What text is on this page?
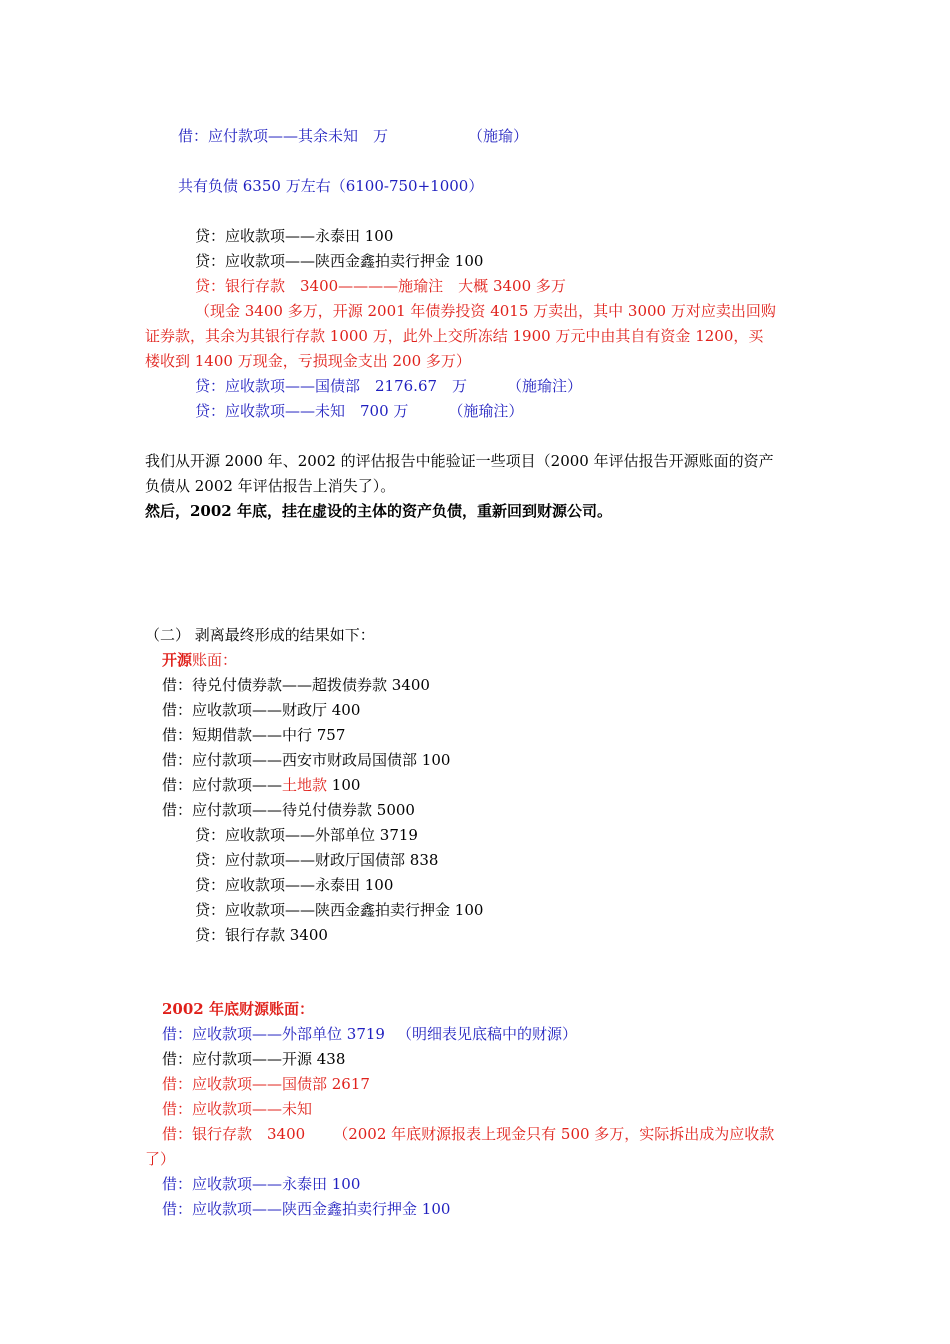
借：应付款项——其余未知　万	（施瑜）
共有负债 6350 万左右（6100-750+1000）
贷：应收款项——永泰田 100
贷：应收款项——陕西金鑫拍卖行押金 100
贷：银行存款　3400————施瑜注　大概 3400 多万
（现金 3400 多万，开源 2001 年债券投资 4015 万卖出，其中 3000 万对应卖出回购
证券款，其余为其银行存款 1000 万，此外上交所冻结 1900 万元中由其自有资金 1200，买
楼收到 1400 万现金，亏损现金支出 200 多万）
贷：应收款项——国债部　2176.67　万	（施瑜注）
贷：应收款项——未知　700 万	（施瑜注）
我们从开源 2000 年、2002 的评估报告中能验证一些项目（2000 年评估报告开源账面的资产
负债从 2002 年评估报告上消失了）。
然后，2002 年底，挂在虚设的主体的资产负债，重新回到财源公司。
（二） 剥离最终形成的结果如下：
开源账面：
借：待兑付债券款——超拨债券款 3400
借：应收款项——财政厅 400
借：短期借款——中行 757
借：应付款项——西安市财政局国债部 100
借：应付款项——土地款 100
借：应付款项——待兑付债券款 5000
贷：应收款项——外部单位 3719
贷：应付款项——财政厅国债部 838
贷：应收款项——永泰田 100
贷：应收款项——陕西金鑫拍卖行押金 100
贷：银行存款 3400
2002 年底财源账面：
借：应收款项——外部单位 3719 （明细表见底稿中的财源）
借：应付款项——开源 438
借：应收款项——国债部 2617
借：应收款项——未知
借：银行存款　3400 （2002 年底财源报表上现金只有 500 多万，实际拆出成为应收款
了）
借：应收款项——永泰田 100
借：应收款项——陕西金鑫拍卖行押金 100
